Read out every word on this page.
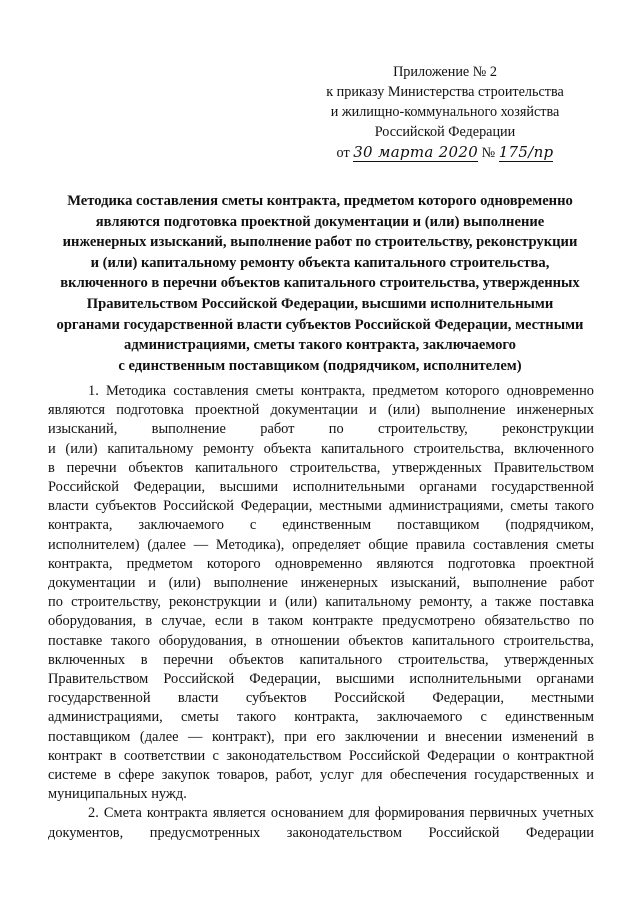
Приложение № 2
к приказу Министерства строительства
и жилищно-коммунального хозяйства
Российской Федерации
от 30 марта 2020 № 175/пр
Методика составления сметы контракта, предметом которого одновременно
являются подготовка проектной документации и (или) выполнение
инженерных изысканий, выполнение работ по строительству, реконструкции
и (или) капитальному ремонту объекта капитального строительства,
включенного в перечни объектов капитального строительства, утвержденных
Правительством Российской Федерации, высшими исполнительными
органами государственной власти субъектов Российской Федерации, местными
администрациями, сметы такого контракта, заключаемого
с единственным поставщиком (подрядчиком, исполнителем)
1. Методика составления сметы контракта, предметом которого одновременно
являются подготовка проектной документации и (или) выполнение инженерных
изысканий, выполнение работ по строительству, реконструкции
и (или) капитальному ремонту объекта капитального строительства, включенного
в перечни объектов капитального строительства, утвержденных Правительством
Российской Федерации, высшими исполнительными органами государственной
власти субъектов Российской Федерации, местными администрациями, сметы такого
контракта, заключаемого с единственным поставщиком (подрядчиком,
исполнителем) (далее — Методика), определяет общие правила составления сметы
контракта, предметом которого одновременно являются подготовка проектной
документации и (или) выполнение инженерных изысканий, выполнение работ
по строительству, реконструкции и (или) капитальному ремонту, а также поставка
оборудования, в случае, если в таком контракте предусмотрено обязательство по
поставке такого оборудования, в отношении объектов капитального строительства,
включенных в перечни объектов капитального строительства, утвержденных
Правительством Российской Федерации, высшими исполнительными органами
государственной власти субъектов Российской Федерации, местными
администрациями, сметы такого контракта, заключаемого с единственным
поставщиком (далее — контракт), при его заключении и внесении изменений в
контракт в соответствии с законодательством Российской Федерации о контрактной
системе в сфере закупок товаров, работ, услуг для обеспечения государственных и
муниципальных нужд.
2. Смета контракта является основанием для формирования первичных учетных
документов, предусмотренных законодательством Российской Федерации
